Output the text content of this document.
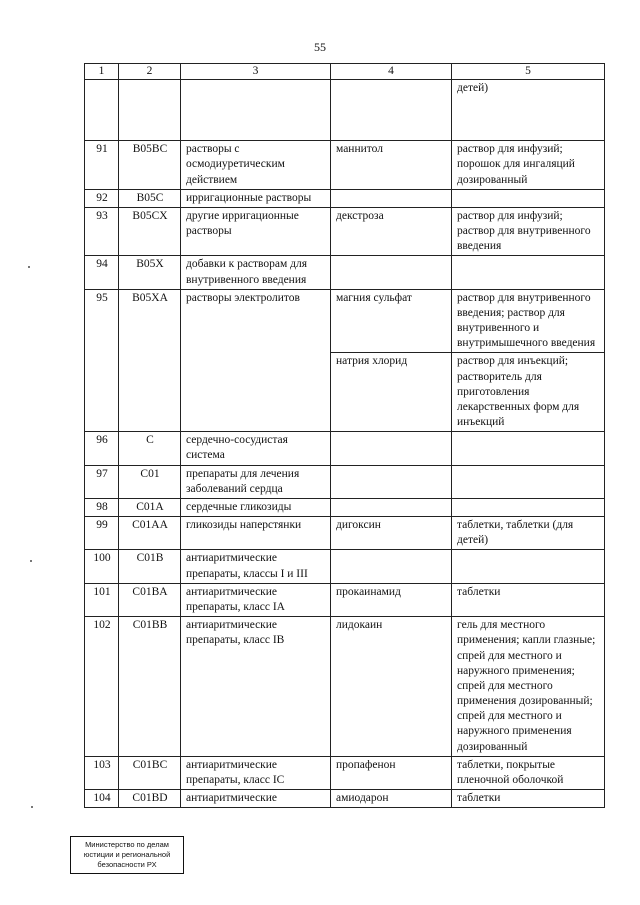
55
1	2	3	4	5
				детей)
91	B05BC	растворы с осмодиуретическим действием	маннитол	раствор для инфузий; порошок для ингаляций дозированный
92	B05C	ирригационные растворы		
93	B05CX	другие ирригационные растворы	декстроза	раствор для инфузий; раствор для внутривенного введения
94	B05X	добавки к растворам для внутривенного введения		
95	B05XA	растворы электролитов	магния сульфат	раствор для внутривенного введения; раствор для внутривенного и внутримышечного введения
			натрия хлорид	раствор для инъекций; растворитель для приготовления лекарственных форм для инъекций
96	C	сердечно-сосудистая система		
97	C01	препараты для лечения заболеваний сердца		
98	C01A	сердечные гликозиды		
99	C01AA	гликозиды наперстянки	дигоксин	таблетки, таблетки (для детей)
100	C01B	антиаритмические препараты, классы I и III		
101	C01BA	антиаритмические препараты, класс IA	прокаинамид	таблетки
102	C01BB	антиаритмические препараты, класс IB	лидокаин	гель для местного применения; капли глазные; спрей для местного и наружного применения; спрей для местного применения дозированный; спрей для местного и наружного применения дозированный
103	C01BC	антиаритмические препараты, класс IC	пропафенон	таблетки, покрытые пленочной оболочкой
104	C01BD	антиаритмические	амиодарон	таблетки
Министерство по делам
юстиции и региональной
безопасности РХ
